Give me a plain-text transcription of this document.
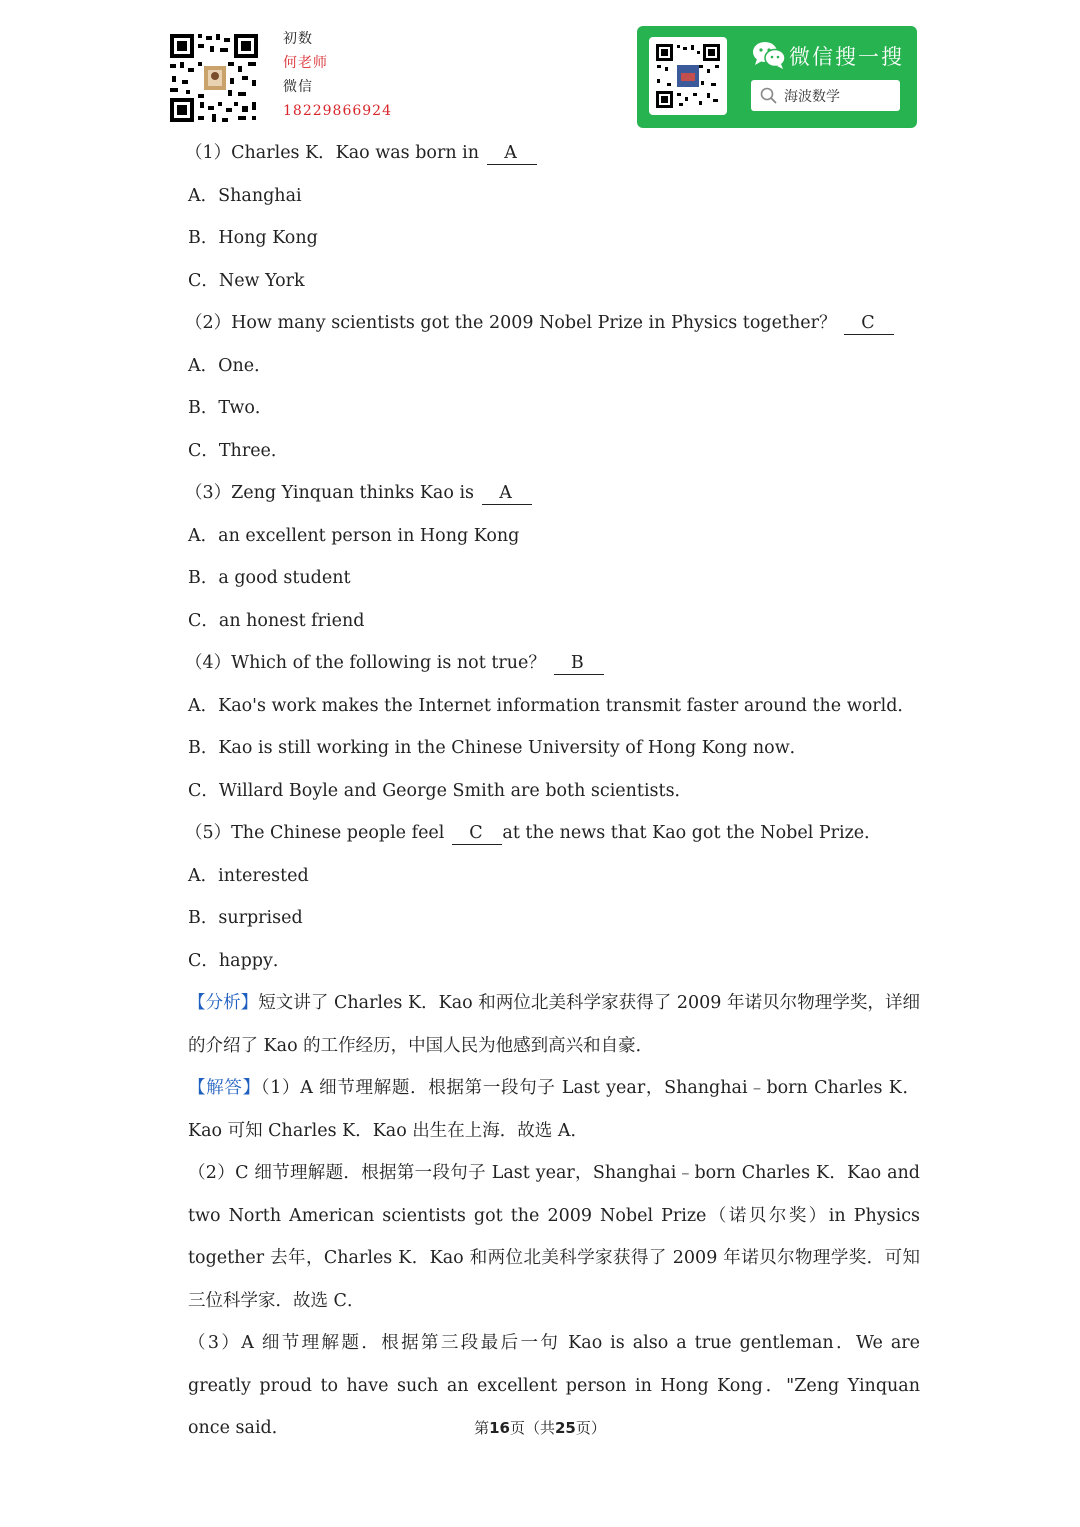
初数
何老师
微信
18229866924
微信搜一搜
海波数学
（1）Charles K．Kao was born in A
A．Shanghai
B．Hong Kong
C．New York
（2）How many scientists got the 2009 Nobel Prize in Physics together？ C
A．One．
B．Two．
C．Three．
（3）Zeng Yinquan thinks Kao is A
A．an excellent person in Hong Kong
B．a good student
C．an honest friend
（4）Which of the following is not true？ B
A．Kao's work makes the Internet information transmit faster around the world．
B．Kao is still working in the Chinese University of Hong Kong now．
C．Willard Boyle and George Smith are both scientists．
（5）The Chinese people feel C at the news that Kao got the Nobel Prize．
A．interested
B．surprised
C．happy．
【分析】短文讲了 Charles K．Kao 和两位北美科学家获得了 2009 年诺贝尔物理学奖，详细的介绍了 Kao 的工作经历，中国人民为他感到高兴和自豪．
【解答】（1）A 细节理解题．根据第一段句子 Last year，Shanghai﹣born Charles K．Kao 可知 Charles K．Kao 出生在上海．故选 A．
（2）C 细节理解题．根据第一段句子 Last year，Shanghai﹣born Charles K．Kao and two North American scientists got the 2009 Nobel Prize（诺贝尔奖）in Physics together 去年，Charles K．Kao 和两位北美科学家获得了 2009 年诺贝尔物理学奖．可知三位科学家．故选 C．
（3）A 细节理解题．根据第三段最后一句 Kao is also a true gentleman．We are greatly proud to have such an excellent person in Hong Kong．"Zeng Yinquan once said．	第16页（共25页）
